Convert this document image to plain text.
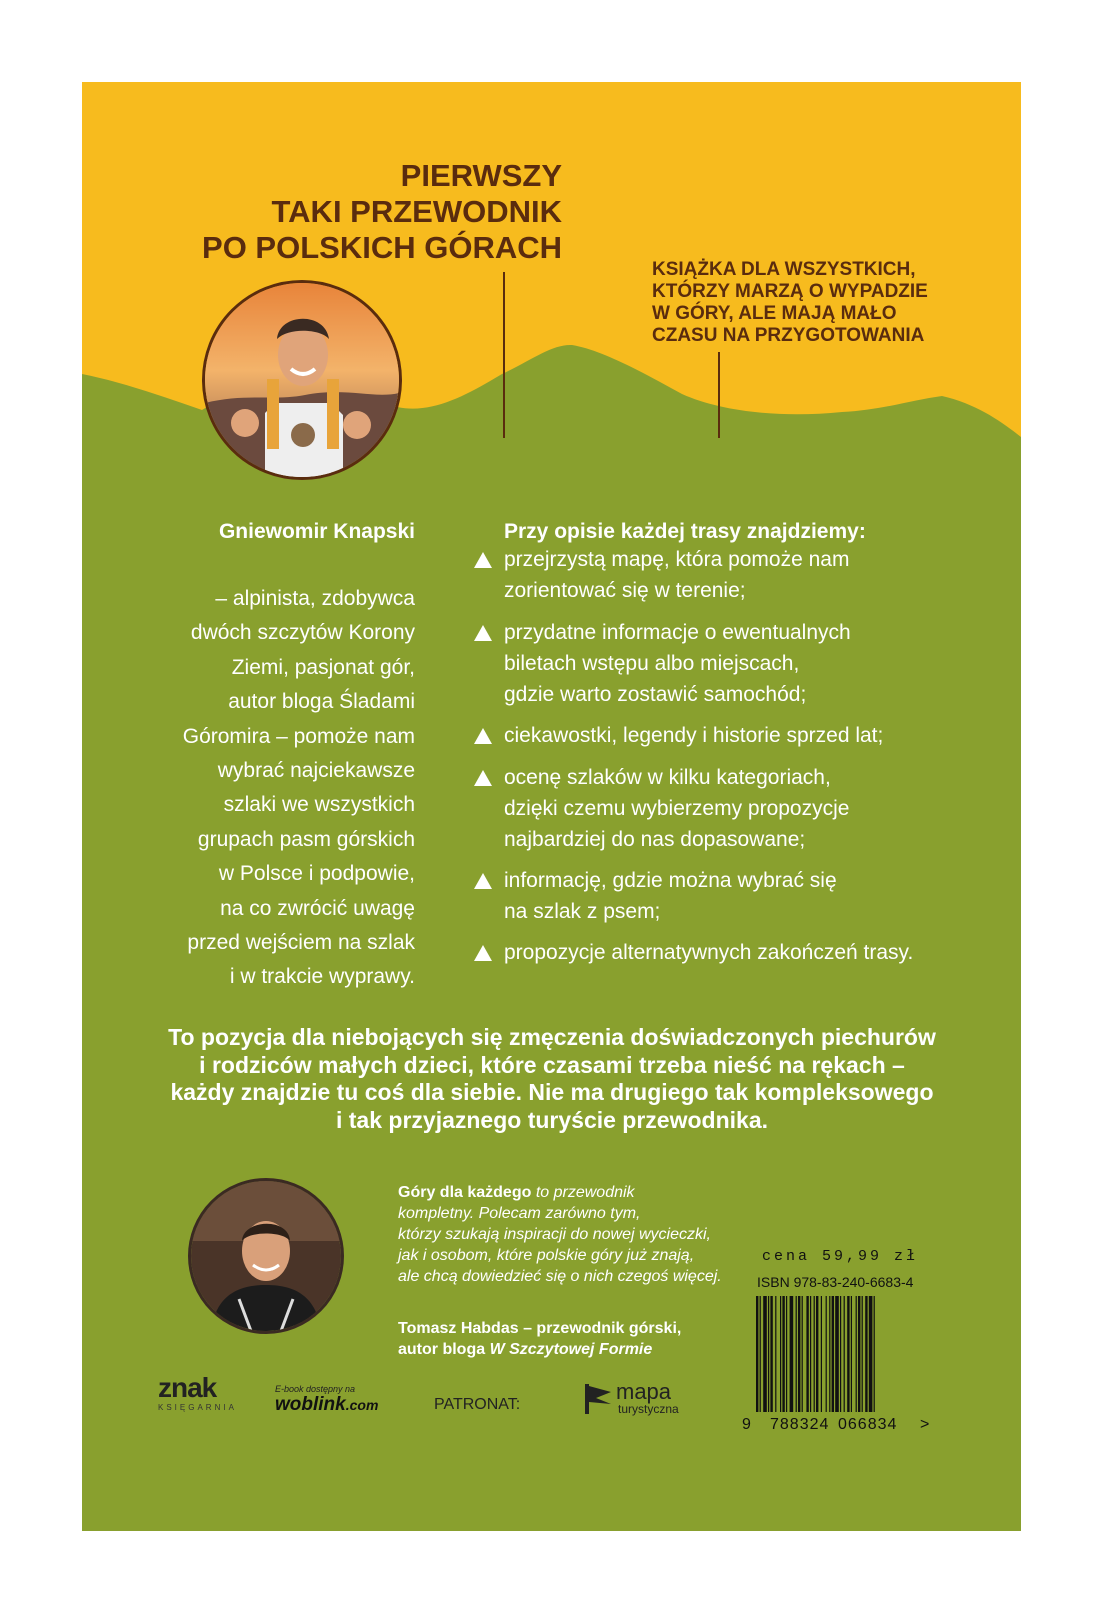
PIERWSZY
TAKI PRZEWODNIK
PO POLSKICH GÓRACH
KSIĄŻKA DLA WSZYSTKICH,
KTÓRZY MARZĄ O WYPADZIE
W GÓRY, ALE MAJĄ MAŁO
CZASU NA PRZYGOTOWANIA
Gniewomir Knapski
– alpinista, zdobywca
dwóch szczytów Korony
Ziemi, pasjonat gór,
autor bloga Śladami
Góromira – pomoże nam
wybrać najciekawsze
szlaki we wszystkich
grupach pasm górskich
w Polsce i podpowie,
na co zwrócić uwagę
przed wejściem na szlak
i w trakcie wyprawy.
Przy opisie każdej trasy znajdziemy:
przejrzystą mapę, która pomoże nam
zorientować się w terenie;
przydatne informacje o ewentualnych
biletach wstępu albo miejscach,
gdzie warto zostawić samochód;
ciekawostki, legendy i historie sprzed lat;
ocenę szlaków w kilku kategoriach,
dzięki czemu wybierzemy propozycje
najbardziej do nas dopasowane;
informację, gdzie można wybrać się
na szlak z psem;
propozycje alternatywnych zakończeń trasy.
To pozycja dla niebojących się zmęczenia doświadczonych piechurów
i rodziców małych dzieci, które czasami trzeba nieść na rękach –
każdy znajdzie tu coś dla siebie. Nie ma drugiego tak kompleksowego
i tak przyjaznego turyście przewodnika.
Góry dla każdego to przewodnik
kompletny. Polecam zarówno tym,
którzy szukają inspiracji do nowej wycieczki,
jak i osobom, które polskie góry już znają,
ale chcą dowiedzieć się o nich czegoś więcej.
Tomasz Habdas – przewodnik górski,
autor bloga W Szczytowej Formie
cena 59,99 zł
ISBN 978-83-240-6683-4
9 788324 066834 >
znak
KSIĘGARNIA
E-book dostępny na
woblink.com	PATRONAT:
mapa
turystyczna
